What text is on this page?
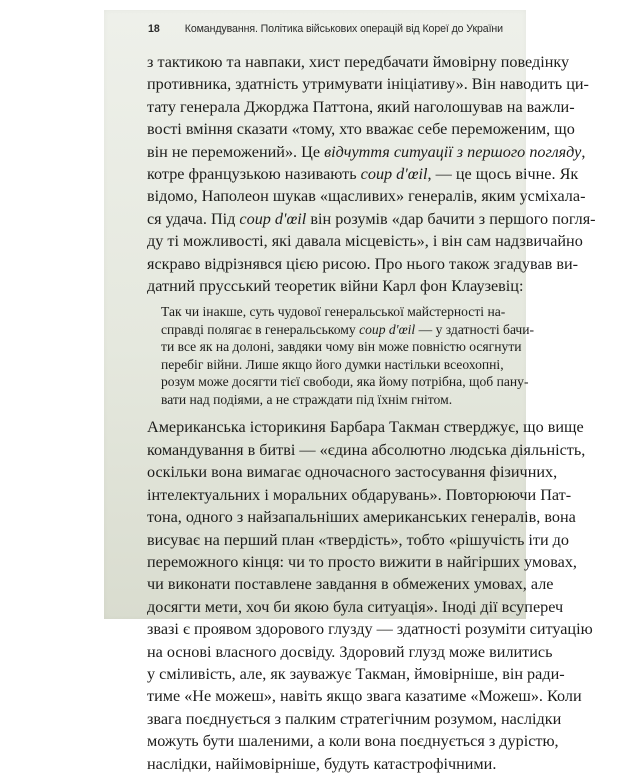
18 Командування. Політика військових операцій від Кореї до України

з тактикою та навпаки, хист передбачати ймовірну поведінку
противника, здатність утримувати ініціативу». Він наводить ци-
тату генерала Джорджа Паттона, який наголошував на важли-
вості вміння сказати «тому, хто вважає себе переможеним, що
він не переможений». Це відчуття ситуації з першого погляду,
котре французькою називають coup d'œil, — це щось вічне. Як
відомо, Наполеон шукав «щасливих» генералів, яким усміхала-
ся удача. Під coup d'œil він розумів «дар бачити з першого погля-
ду ті можливості, які давала місцевість», і він сам надзвичайно
яскраво відрізнявся цією рисою. Про нього також згадував ви-
датний прусський теоретик війни Карл фон Клаузевіц:

Так чи інакше, суть чудової генеральської майстерності на-
справді полягає в генеральському coup d'œil — у здатності бачи-
ти все як на долоні, завдяки чому він може повністю осягнути
перебіг війни. Лише якщо його думки настільки всеохопні,
розум може досягти тієї свободи, яка йому потрібна, щоб пану-
вати над подіями, а не страждати під їхнім гнітом.

Американська історикиня Барбара Такман стверджує, що вище
командування в битві — «єдина абсолютно людська діяльність,
оскільки вона вимагає одночасного застосування фізичних,
інтелектуальних і моральних обдарувань». Повторюючи Пат-
тона, одного з найзапальніших американських генералів, вона
висуває на перший план «твердість», тобто «рішучість іти до
переможного кінця: чи то просто вижити в найгірших умовах,
чи виконати поставлене завдання в обмежених умовах, але
досягти мети, хоч би якою була ситуація». Іноді дії всупереч
звазі є проявом здорового глузду — здатності розуміти ситуацію
на основі власного досвіду. Здоровий глузд може вилитись
у сміливість, але, як зауважує Такман, ймовірніше, він ради-
тиме «Не можеш», навіть якщо звага казатиме «Можеш». Коли
звага поєднується з палким стратегічним розумом, наслідки
можуть бути шаленими, а коли вона поєднується з дурістю,
наслідки, найімовірніше, будуть катастрофічними.
